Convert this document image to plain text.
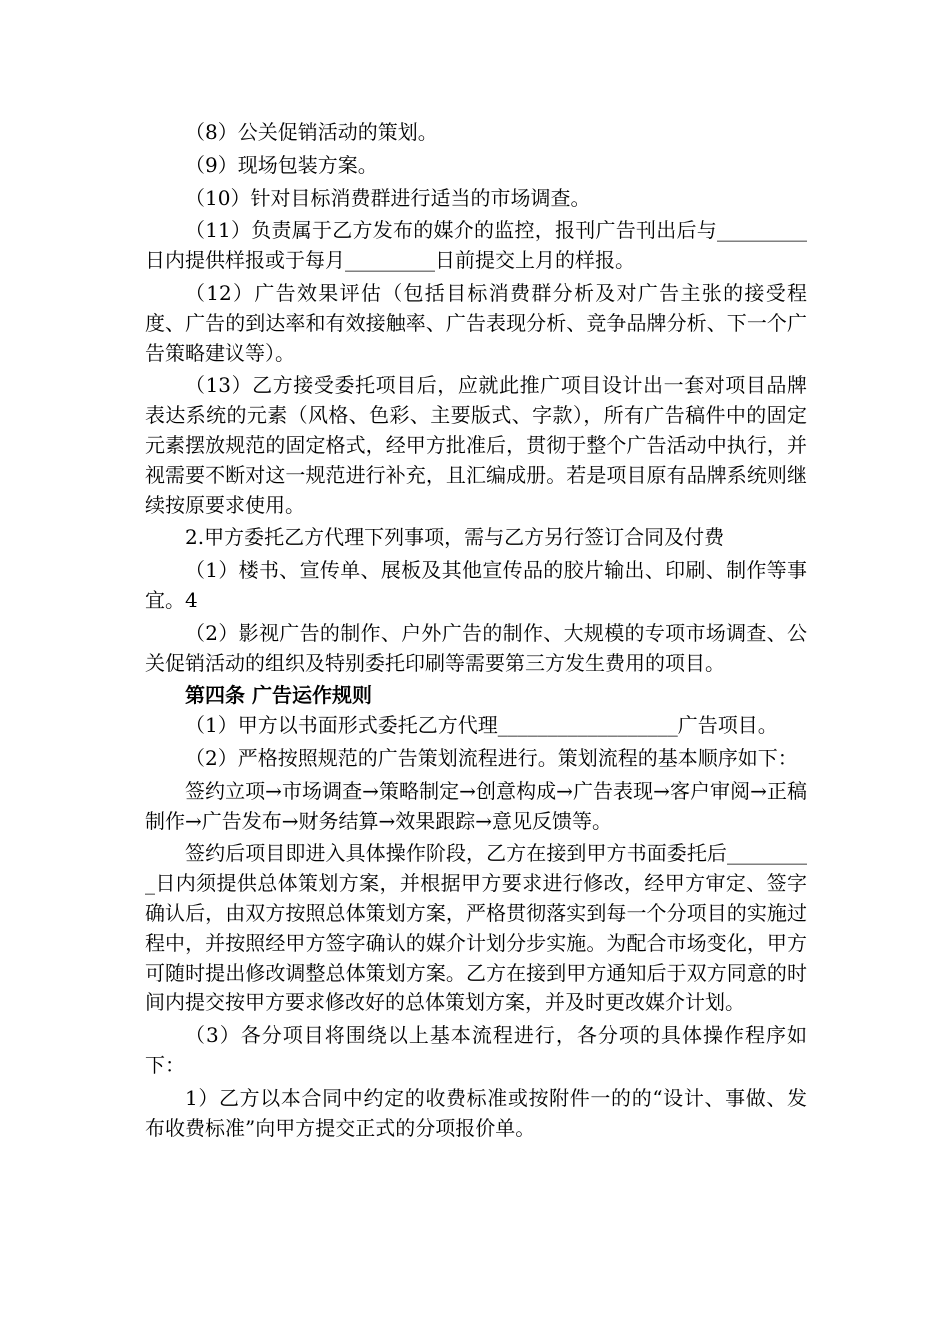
（8）公关促销活动的策划。

（9）现场包装方案。

（10）针对目标消费群进行适当的市场调查。

（11）负责属于乙方发布的媒介的监控，报刊广告刊出后与_________日内提供样报或于每月_________日前提交上月的样报。

（12）广告效果评估（包括目标消费群分析及对广告主张的接受程度、广告的到达率和有效接触率、广告表现分析、竞争品牌分析、下一个广告策略建议等）。

（13）乙方接受委托项目后，应就此推广项目设计出一套对项目品牌表达系统的元素（风格、色彩、主要版式、字款），所有广告稿件中的固定元素摆放规范的固定格式，经甲方批准后，贯彻于整个广告活动中执行，并视需要不断对这一规范进行补充，且汇编成册。若是项目原有品牌系统则继续按原要求使用。

2.甲方委托乙方代理下列事项，需与乙方另行签订合同及付费

（1）楼书、宣传单、展板及其他宣传品的胶片输出、印刷、制作等事宜。4

（2）影视广告的制作、户外广告的制作、大规模的专项市场调查、公关促销活动的组织及特别委托印刷等需要第三方发生费用的项目。

第四条 广告运作规则

（1）甲方以书面形式委托乙方代理__________________广告项目。

（2）严格按照规范的广告策划流程进行。策划流程的基本顺序如下：

签约立项→市场调查→策略制定→创意构成→广告表现→客户审阅→正稿制作→广告发布→财务结算→效果跟踪→意见反馈等。

签约后项目即进入具体操作阶段，乙方在接到甲方书面委托后_________日内须提供总体策划方案，并根据甲方要求进行修改，经甲方审定、签字确认后，由双方按照总体策划方案，严格贯彻落实到每一个分项目的实施过程中，并按照经甲方签字确认的媒介计划分步实施。为配合市场变化，甲方可随时提出修改调整总体策划方案。乙方在接到甲方通知后于双方同意的时间内提交按甲方要求修改好的总体策划方案，并及时更改媒介计划。

（3）各分项目将围绕以上基本流程进行，各分项的具体操作程序如下：

1）乙方以本合同中约定的收费标准或按附件一的的“设计、事做、发布收费标准”向甲方提交正式的分项报价单。
